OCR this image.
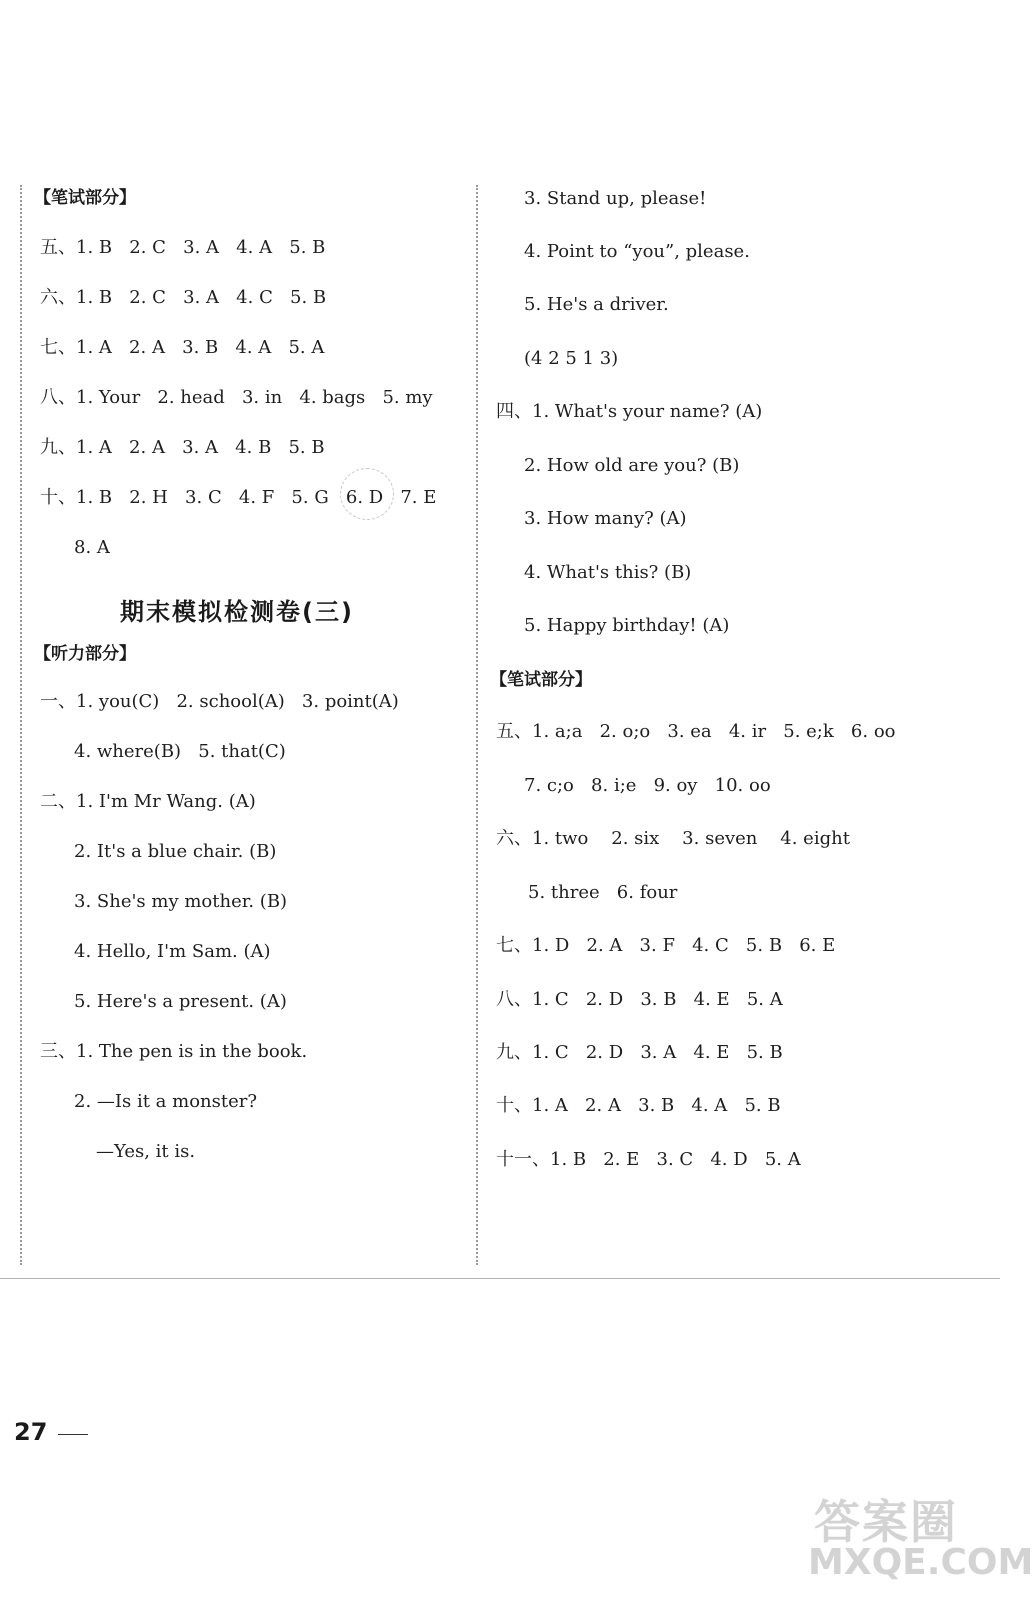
【笔试部分】
五、1. B   2. C   3. A   4. A   5. B
六、1. B   2. C   3. A   4. C   5. B
七、1. A   2. A   3. B   4. A   5. A
八、1. Your   2. head   3. in   4. bags   5. my
九、1. A   2. A   3. A   4. B   5. B
十、1. B   2. H   3. C   4. F   5. G   6. D   7. E
8. A
期末模拟检测卷(三)
【听力部分】
一、1. you(C)   2. school(A)   3. point(A)
4. where(B)   5. that(C)
二、1. I'm Mr Wang. (A)
2. It's a blue chair. (B)
3. She's my mother. (B)
4. Hello, I'm Sam. (A)
5. Here's a present. (A)
三、1. The pen is in the book.
2. —Is it a monster?
—Yes, it is.
3. Stand up, please!
4. Point to “you”, please.
5. He's a driver.
(4 2 5 1 3)
四、1. What's your name? (A)
2. How old are you? (B)
3. How many? (A)
4. What's this? (B)
5. Happy birthday! (A)
【笔试部分】
五、1. a;a   2. o;o   3. ea   4. ir   5. e;k   6. oo
7. c;o   8. i;e   9. oy   10. oo
六、1. two    2. six    3. seven    4. eight
5. three   6. four
七、1. D   2. A   3. F   4. C   5. B   6. E
八、1. C   2. D   3. B   4. E   5. A
九、1. C   2. D   3. A   4. E   5. B
十、1. A   2. A   3. B   4. A   5. B
十一、1. B   2. E   3. C   4. D   5. A
27
答案圈
MXQE.COM
